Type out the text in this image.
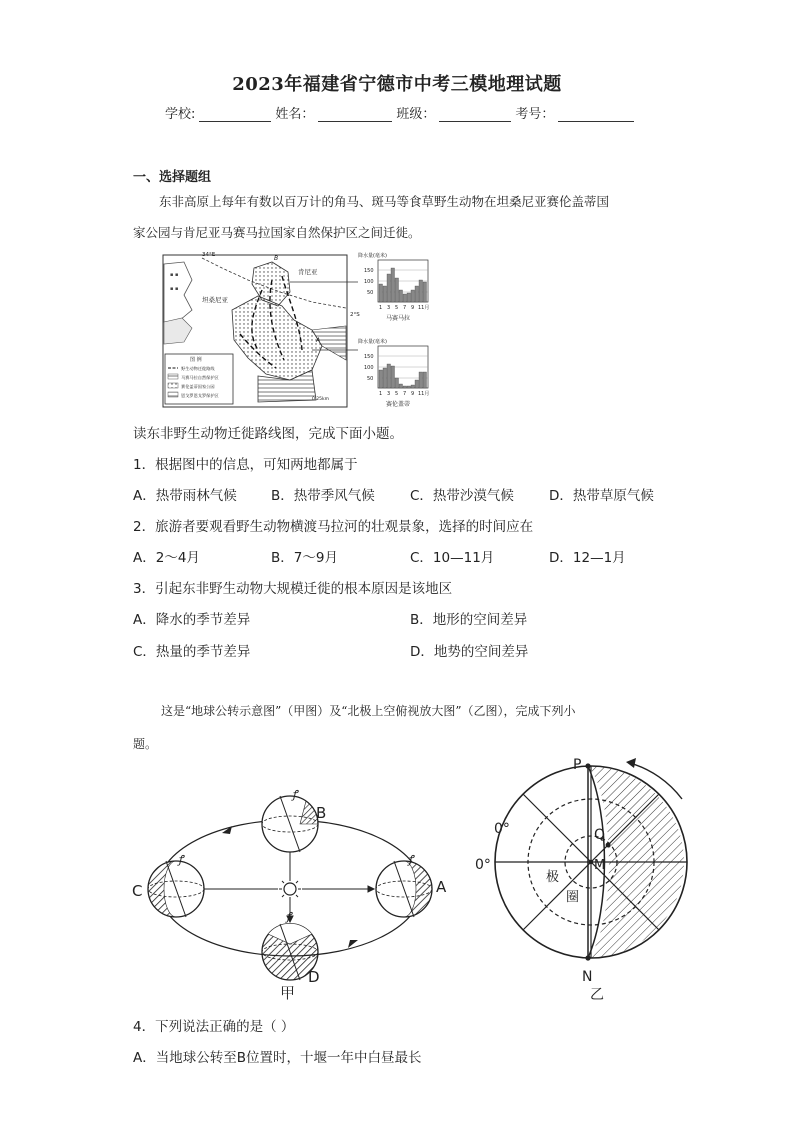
2023年福建省宁德市中考三模地理试题
学校:	姓名：	班级：	考号：
一、选择题组
东非高原上每年有数以百万计的角马、斑马等食草野生动物在坦桑尼亚赛伦盖蒂国
家公园与肯尼亚马赛马拉国家自然保护区之间迁徙。
▪ ▪
▪ ▪
34°E
2°S
肯尼亚
坦桑尼亚
B
A
图 例
野生动物迁徙路线
马赛马拉自然保护区
赛伦盖蒂国家公园
恩戈罗恩戈罗保护区
0 25km
降水量(毫米)
150
100
50
1 3 5 7 9 11月
马赛马拉
降水量(毫米)
150
100
50
1 3 5 7 9 11月
赛伦盖蒂
读东非野生动物迁徙路线图，完成下面小题。
1．根据图中的信息，可知两地都属于
A．热带雨林气候	B．热带季风气候	C．热带沙漠气候	D．热带草原气候
2．旅游者要观看野生动物横渡马拉河的壮观景象，选择的时间应在
A．2～4月	B．7～9月	C．10—11月	D．12—1月
3．引起东非野生动物大规模迁徙的根本原因是该地区
A．降水的季节差异	B．地形的空间差异
C．热量的季节差异	D．地势的空间差异
这是“地球公转示意图”（甲图）及“北极上空俯视放大图”（乙图），完成下列小
题。
ꝭ
ꝭ
ꝭ
ꝭ
B
A
C
D
甲
P
N
Q
M
0°
0°
极
圈
乙
4．下列说法正确的是（ ）
A．当地球公转至B位置时，十堰一年中白昼最长
